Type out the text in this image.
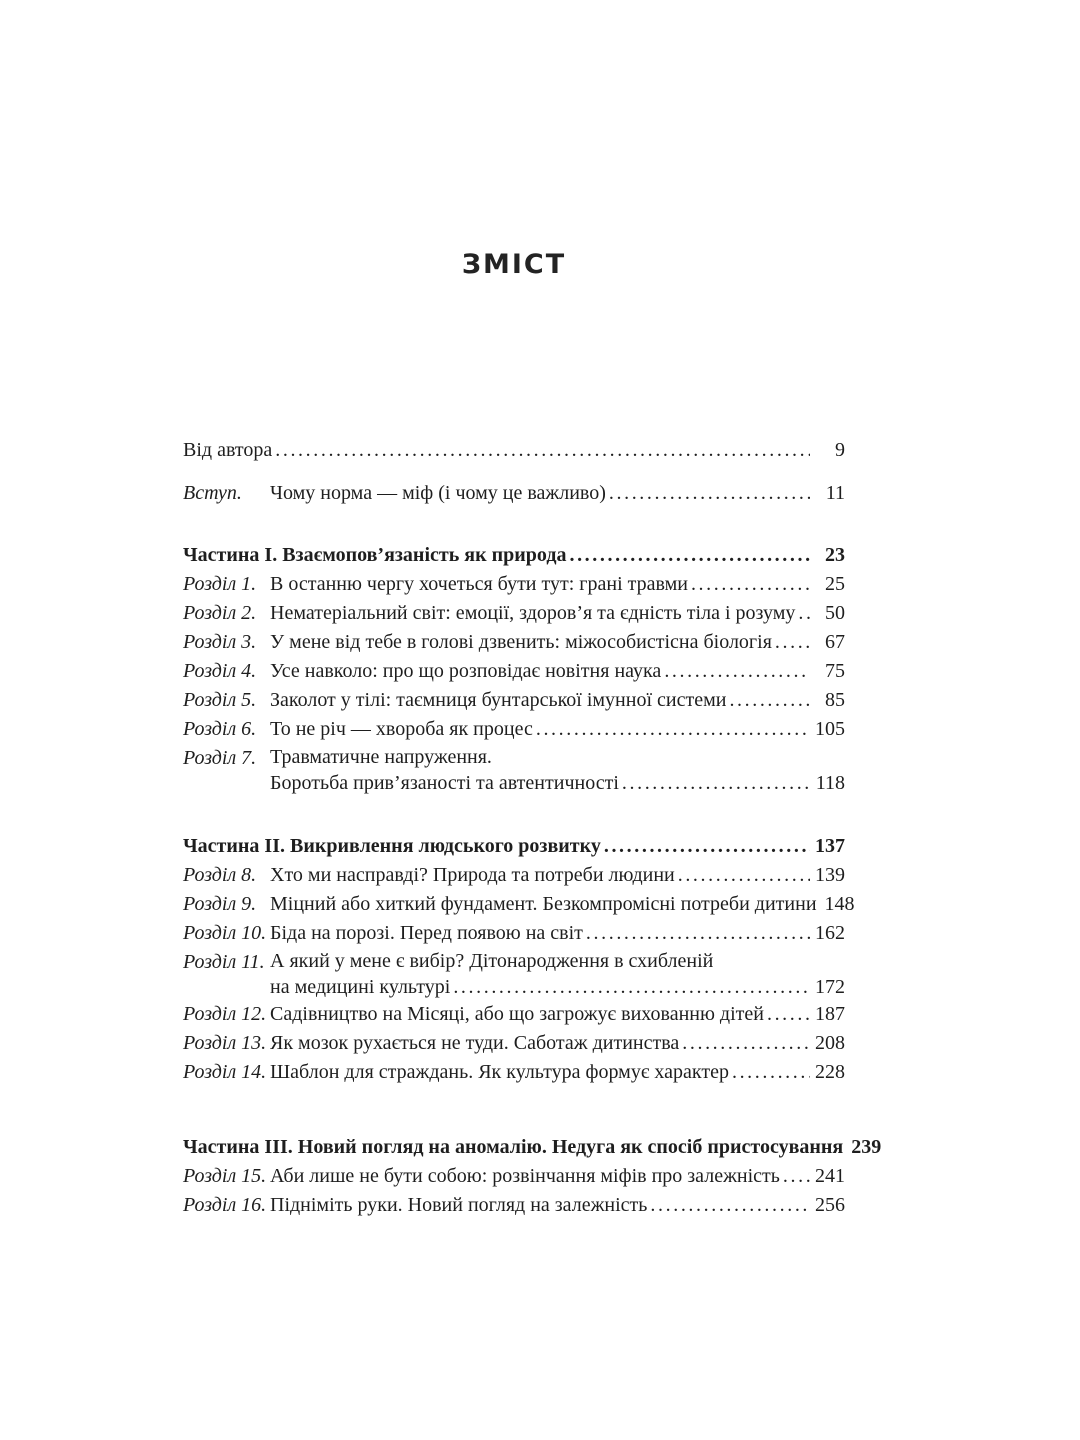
ЗМІСТ
Від автора .....	9
Вступ.	Чому норма — міф (і чому це важливо) .....	11
Частина I. Взаємопов’язаність як природа .....	23
Розділ 1. В останню чергу хочеться бути тут: грані травми .....	25
Розділ 2. Нематеріальний світ: емоції, здоров’я та єдність тіла і розуму .....	50
Розділ 3. У мене від тебе в голові дзвенить: міжособистісна біологія .....	67
Розділ 4. Усе навколо: про що розповідає новітня наука .....	75
Розділ 5. Заколот у тілі: таємниця бунтарської імунної системи .....	85
Розділ 6. То не річ — хвороба як процес .....	105
Розділ 7. Травматичне напруження.
Боротьба прив’язаності та автентичності .....	118
Частина II. Викривлення людського розвитку .....	137
Розділ 8. Хто ми насправді? Природа та потреби людини .....	139
Розділ 9. Міцний або хиткий фундамент. Безкомпромісні потреби дитини 148
Розділ 10. Біда на порозі. Перед появою на світ .....	162
Розділ 11. А який у мене є вибір? Дітонародження в схибленій
на медицині культурі .....	172
Розділ 12. Садівництво на Місяці, або що загрожує вихованню дітей .....	187
Розділ 13. Як мозок рухається не туди. Саботаж дитинства .....	208
Розділ 14. Шаблон для страждань. Як культура формує характер .....	228
Частина III. Новий погляд на аномалію. Недуга як спосіб пристосування 239
Розділ 15. Аби лише не бути собою: розвінчання міфів про залежність ..... 241
Розділ 16. Підніміть руки. Новий погляд на залежність .....	256
